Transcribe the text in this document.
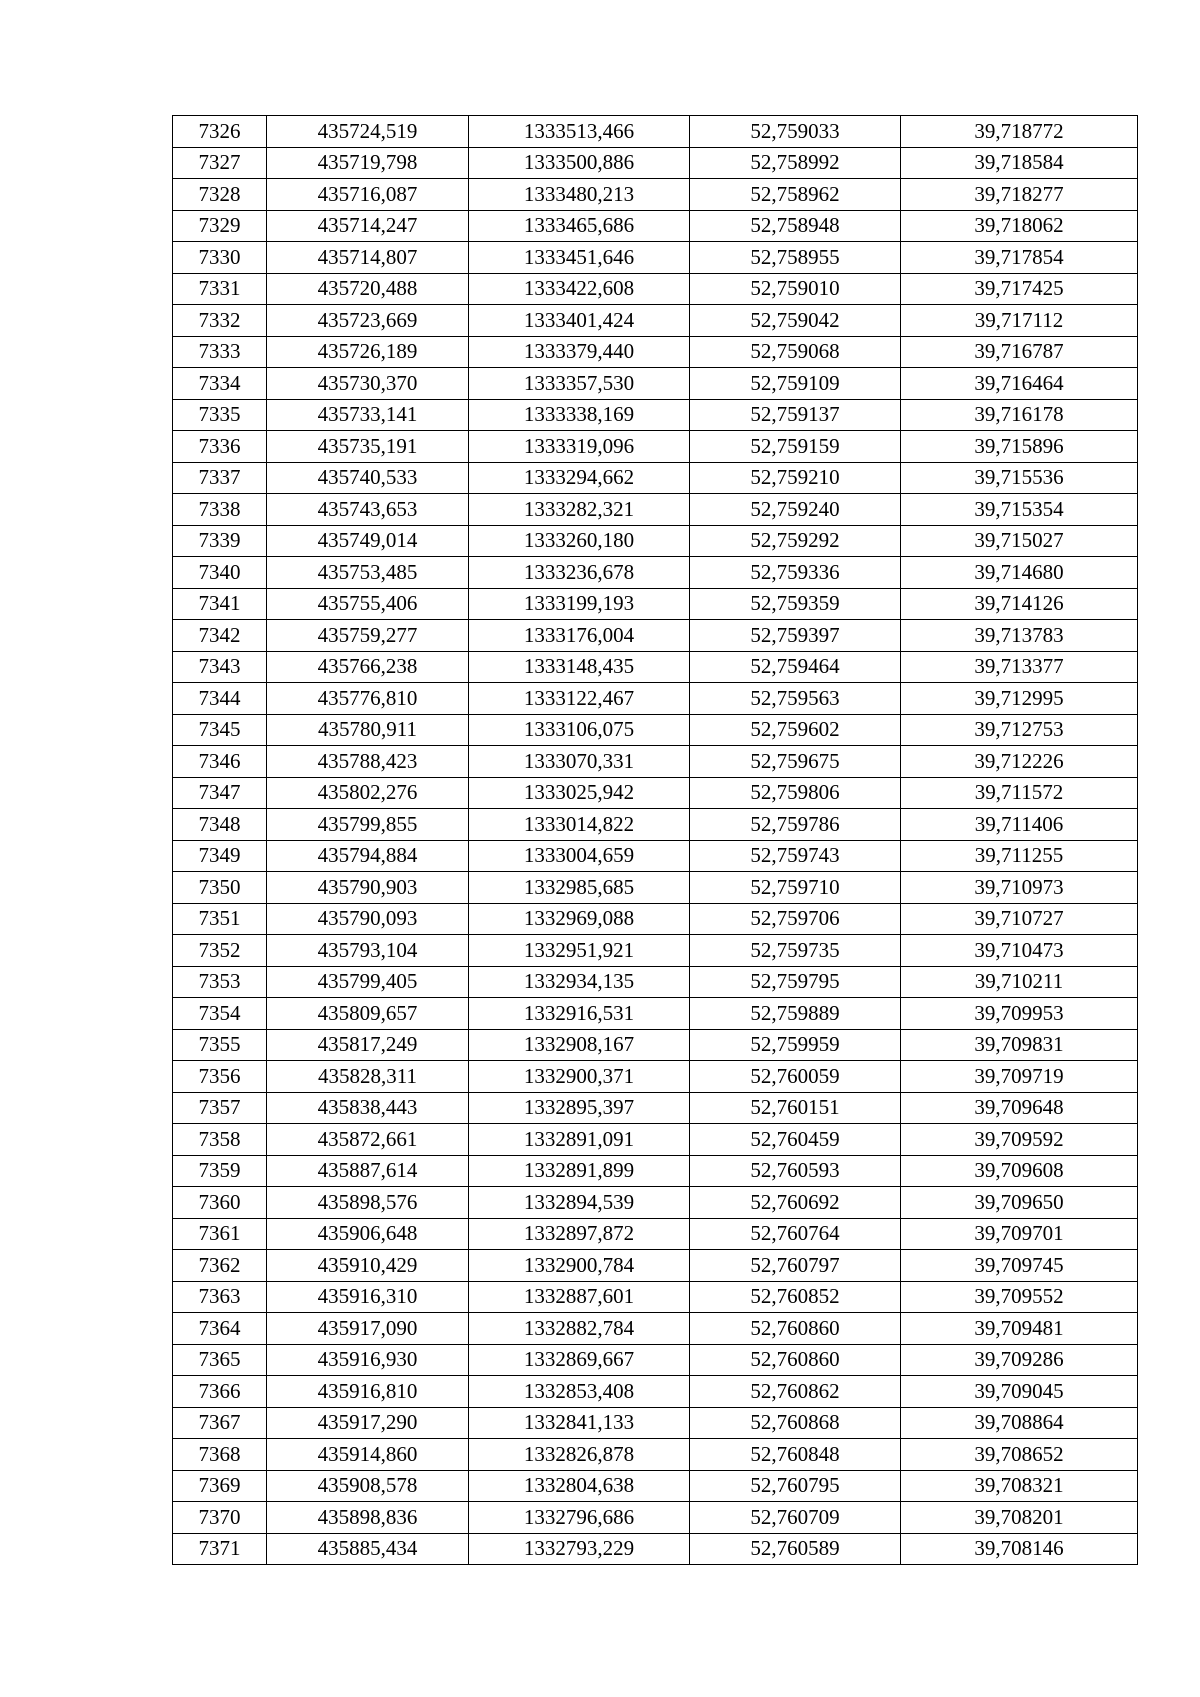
7326	435724,519	1333513,466	52,759033	39,718772
7327	435719,798	1333500,886	52,758992	39,718584
7328	435716,087	1333480,213	52,758962	39,718277
7329	435714,247	1333465,686	52,758948	39,718062
7330	435714,807	1333451,646	52,758955	39,717854
7331	435720,488	1333422,608	52,759010	39,717425
7332	435723,669	1333401,424	52,759042	39,717112
7333	435726,189	1333379,440	52,759068	39,716787
7334	435730,370	1333357,530	52,759109	39,716464
7335	435733,141	1333338,169	52,759137	39,716178
7336	435735,191	1333319,096	52,759159	39,715896
7337	435740,533	1333294,662	52,759210	39,715536
7338	435743,653	1333282,321	52,759240	39,715354
7339	435749,014	1333260,180	52,759292	39,715027
7340	435753,485	1333236,678	52,759336	39,714680
7341	435755,406	1333199,193	52,759359	39,714126
7342	435759,277	1333176,004	52,759397	39,713783
7343	435766,238	1333148,435	52,759464	39,713377
7344	435776,810	1333122,467	52,759563	39,712995
7345	435780,911	1333106,075	52,759602	39,712753
7346	435788,423	1333070,331	52,759675	39,712226
7347	435802,276	1333025,942	52,759806	39,711572
7348	435799,855	1333014,822	52,759786	39,711406
7349	435794,884	1333004,659	52,759743	39,711255
7350	435790,903	1332985,685	52,759710	39,710973
7351	435790,093	1332969,088	52,759706	39,710727
7352	435793,104	1332951,921	52,759735	39,710473
7353	435799,405	1332934,135	52,759795	39,710211
7354	435809,657	1332916,531	52,759889	39,709953
7355	435817,249	1332908,167	52,759959	39,709831
7356	435828,311	1332900,371	52,760059	39,709719
7357	435838,443	1332895,397	52,760151	39,709648
7358	435872,661	1332891,091	52,760459	39,709592
7359	435887,614	1332891,899	52,760593	39,709608
7360	435898,576	1332894,539	52,760692	39,709650
7361	435906,648	1332897,872	52,760764	39,709701
7362	435910,429	1332900,784	52,760797	39,709745
7363	435916,310	1332887,601	52,760852	39,709552
7364	435917,090	1332882,784	52,760860	39,709481
7365	435916,930	1332869,667	52,760860	39,709286
7366	435916,810	1332853,408	52,760862	39,709045
7367	435917,290	1332841,133	52,760868	39,708864
7368	435914,860	1332826,878	52,760848	39,708652
7369	435908,578	1332804,638	52,760795	39,708321
7370	435898,836	1332796,686	52,760709	39,708201
7371	435885,434	1332793,229	52,760589	39,708146
